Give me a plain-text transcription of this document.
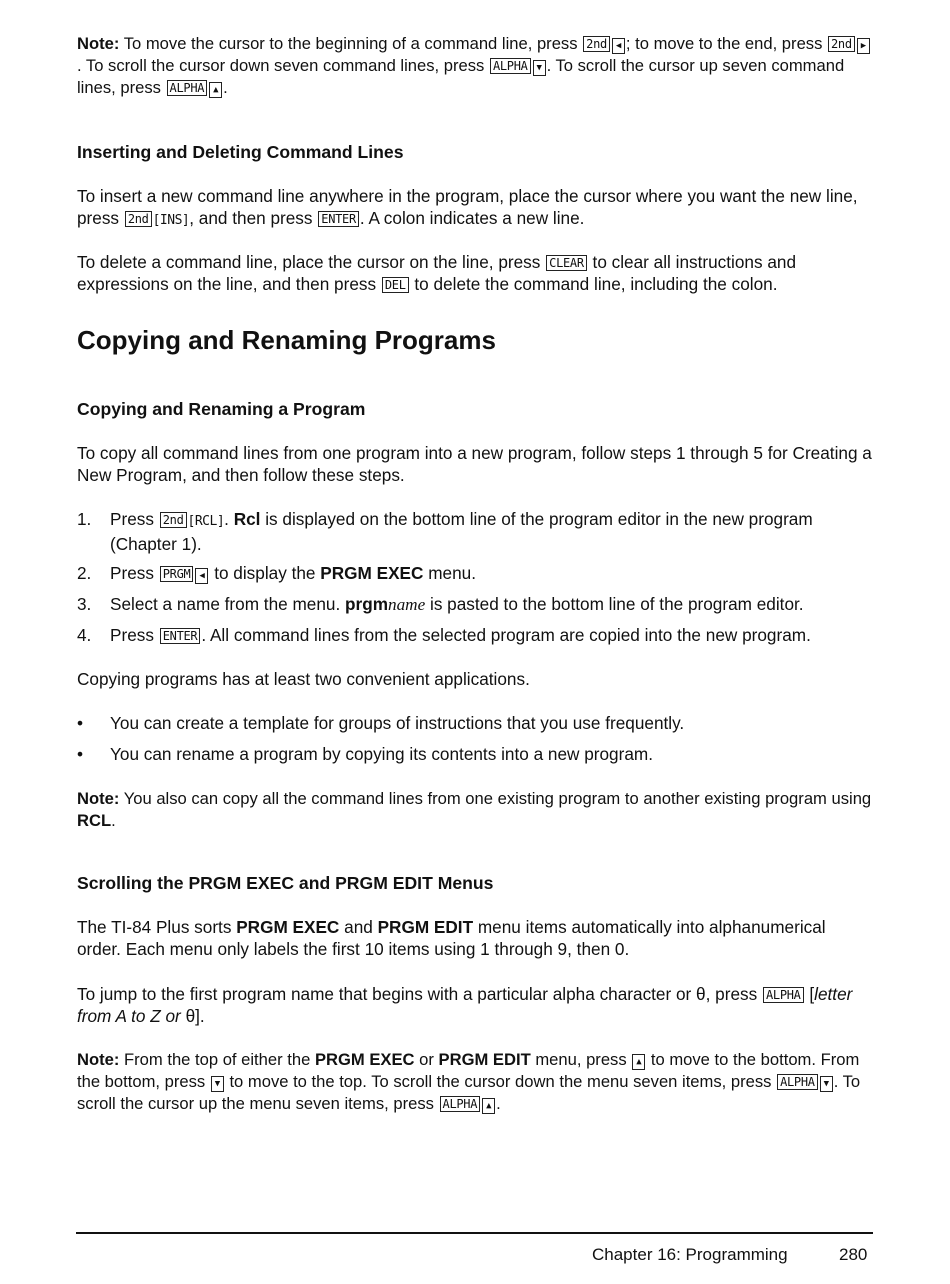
Note: To move the cursor to the beginning of a command line, press 2nd ◀ ; to move to the end, press 2nd ▶. To scroll the cursor down seven command lines, press ALPHA ▼ . To scroll the cursor up seven command lines, press ALPHA ▲ .

Inserting and Deleting Command Lines

To insert a new command line anywhere in the program, place the cursor where you want the new line, press 2nd [INS], and then press ENTER . A colon indicates a new line.

To delete a command line, place the cursor on the line, press CLEAR to clear all instructions and expressions on the line, and then press DEL to delete the command line, including the colon.

Copying and Renaming Programs

Copying and Renaming a Program

To copy all command lines from one program into a new program, follow steps 1 through 5 for Creating a New Program, and then follow these steps.

1. Press 2nd [RCL]. Rcl is displayed on the bottom line of the program editor in the new program (Chapter 1).
2. Press PRGM ◀ to display the PRGM EXEC menu.
3. Select a name from the menu. prgmname is pasted to the bottom line of the program editor.
4. Press ENTER . All command lines from the selected program are copied into the new program.

Copying programs has at least two convenient applications.

• You can create a template for groups of instructions that you use frequently.
• You can rename a program by copying its contents into a new program.

Note: You also can copy all the command lines from one existing program to another existing program using RCL.

Scrolling the PRGM EXEC and PRGM EDIT Menus

The TI-84 Plus sorts PRGM EXEC and PRGM EDIT menu items automatically into alphanumerical order. Each menu only labels the first 10 items using 1 through 9, then 0.

To jump to the first program name that begins with a particular alpha character or θ, press ALPHA [letter from A to Z or θ].

Note: From the top of either the PRGM EXEC or PRGM EDIT menu, press ▲ to move to the bottom. From the bottom, press ▼ to move to the top. To scroll the cursor down the menu seven items, press ALPHA ▼ . To scroll the cursor up the menu seven items, press ALPHA ▲ .

Chapter 16: Programming	280
